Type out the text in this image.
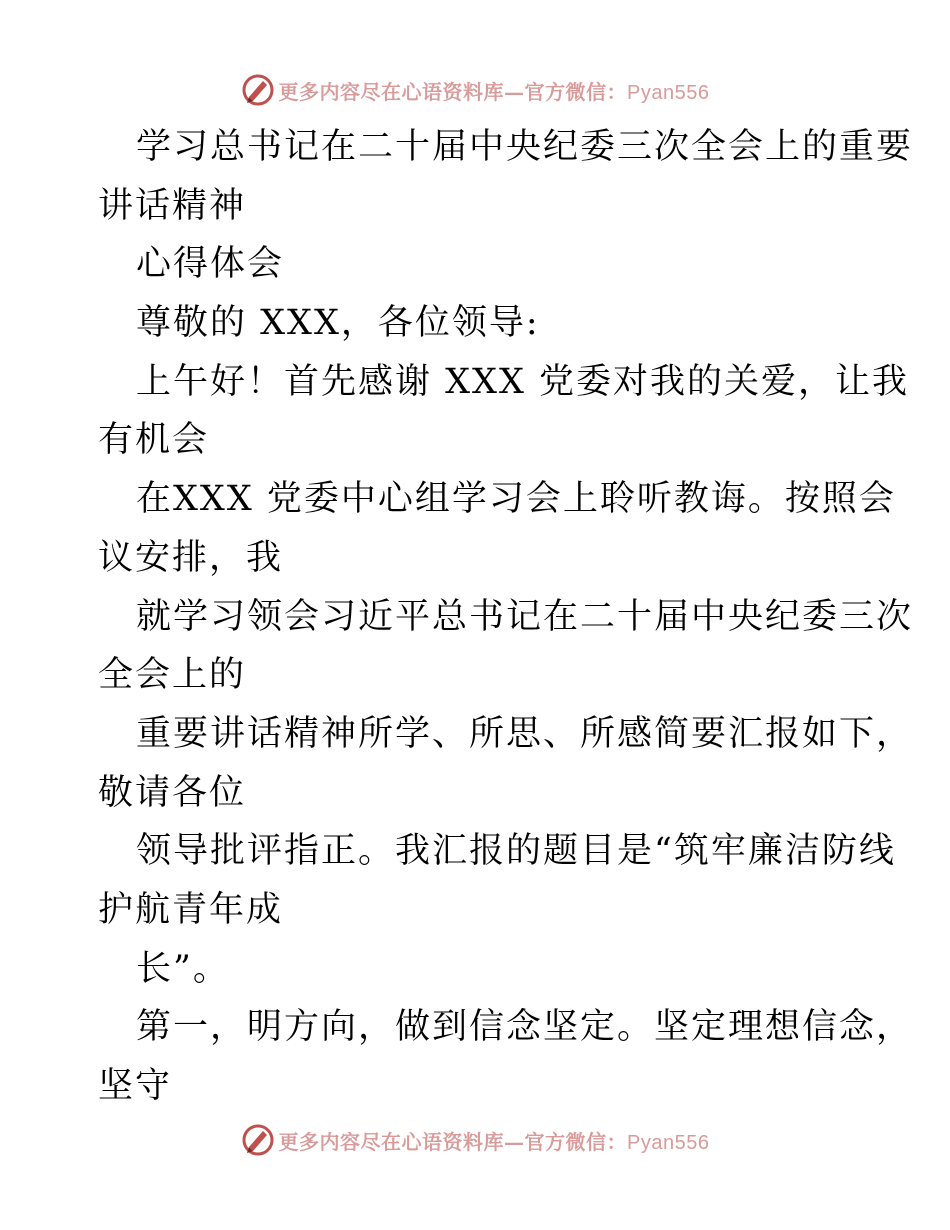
更多内容尽在心语资料库—官方微信：Pyan556
学习总书记在二十届中央纪委三次全会上的重要
讲话精神
心得体会
尊敬的 XXX，各位领导:
上午好！首先感谢 XXX 党委对我的关爱，让我
有机会
在XXX 党委中心组学习会上聆听教诲。按照会
议安排，我
就学习领会习近平总书记在二十届中央纪委三次
全会上的
重要讲话精神所学、所思、所感简要汇报如下，
敬请各位
领导批评指正。我汇报的题目是“筑牢廉洁防线
护航青年成
长”。
第一，明方向，做到信念坚定。坚定理想信念，
坚守
更多内容尽在心语资料库—官方微信：Pyan556
